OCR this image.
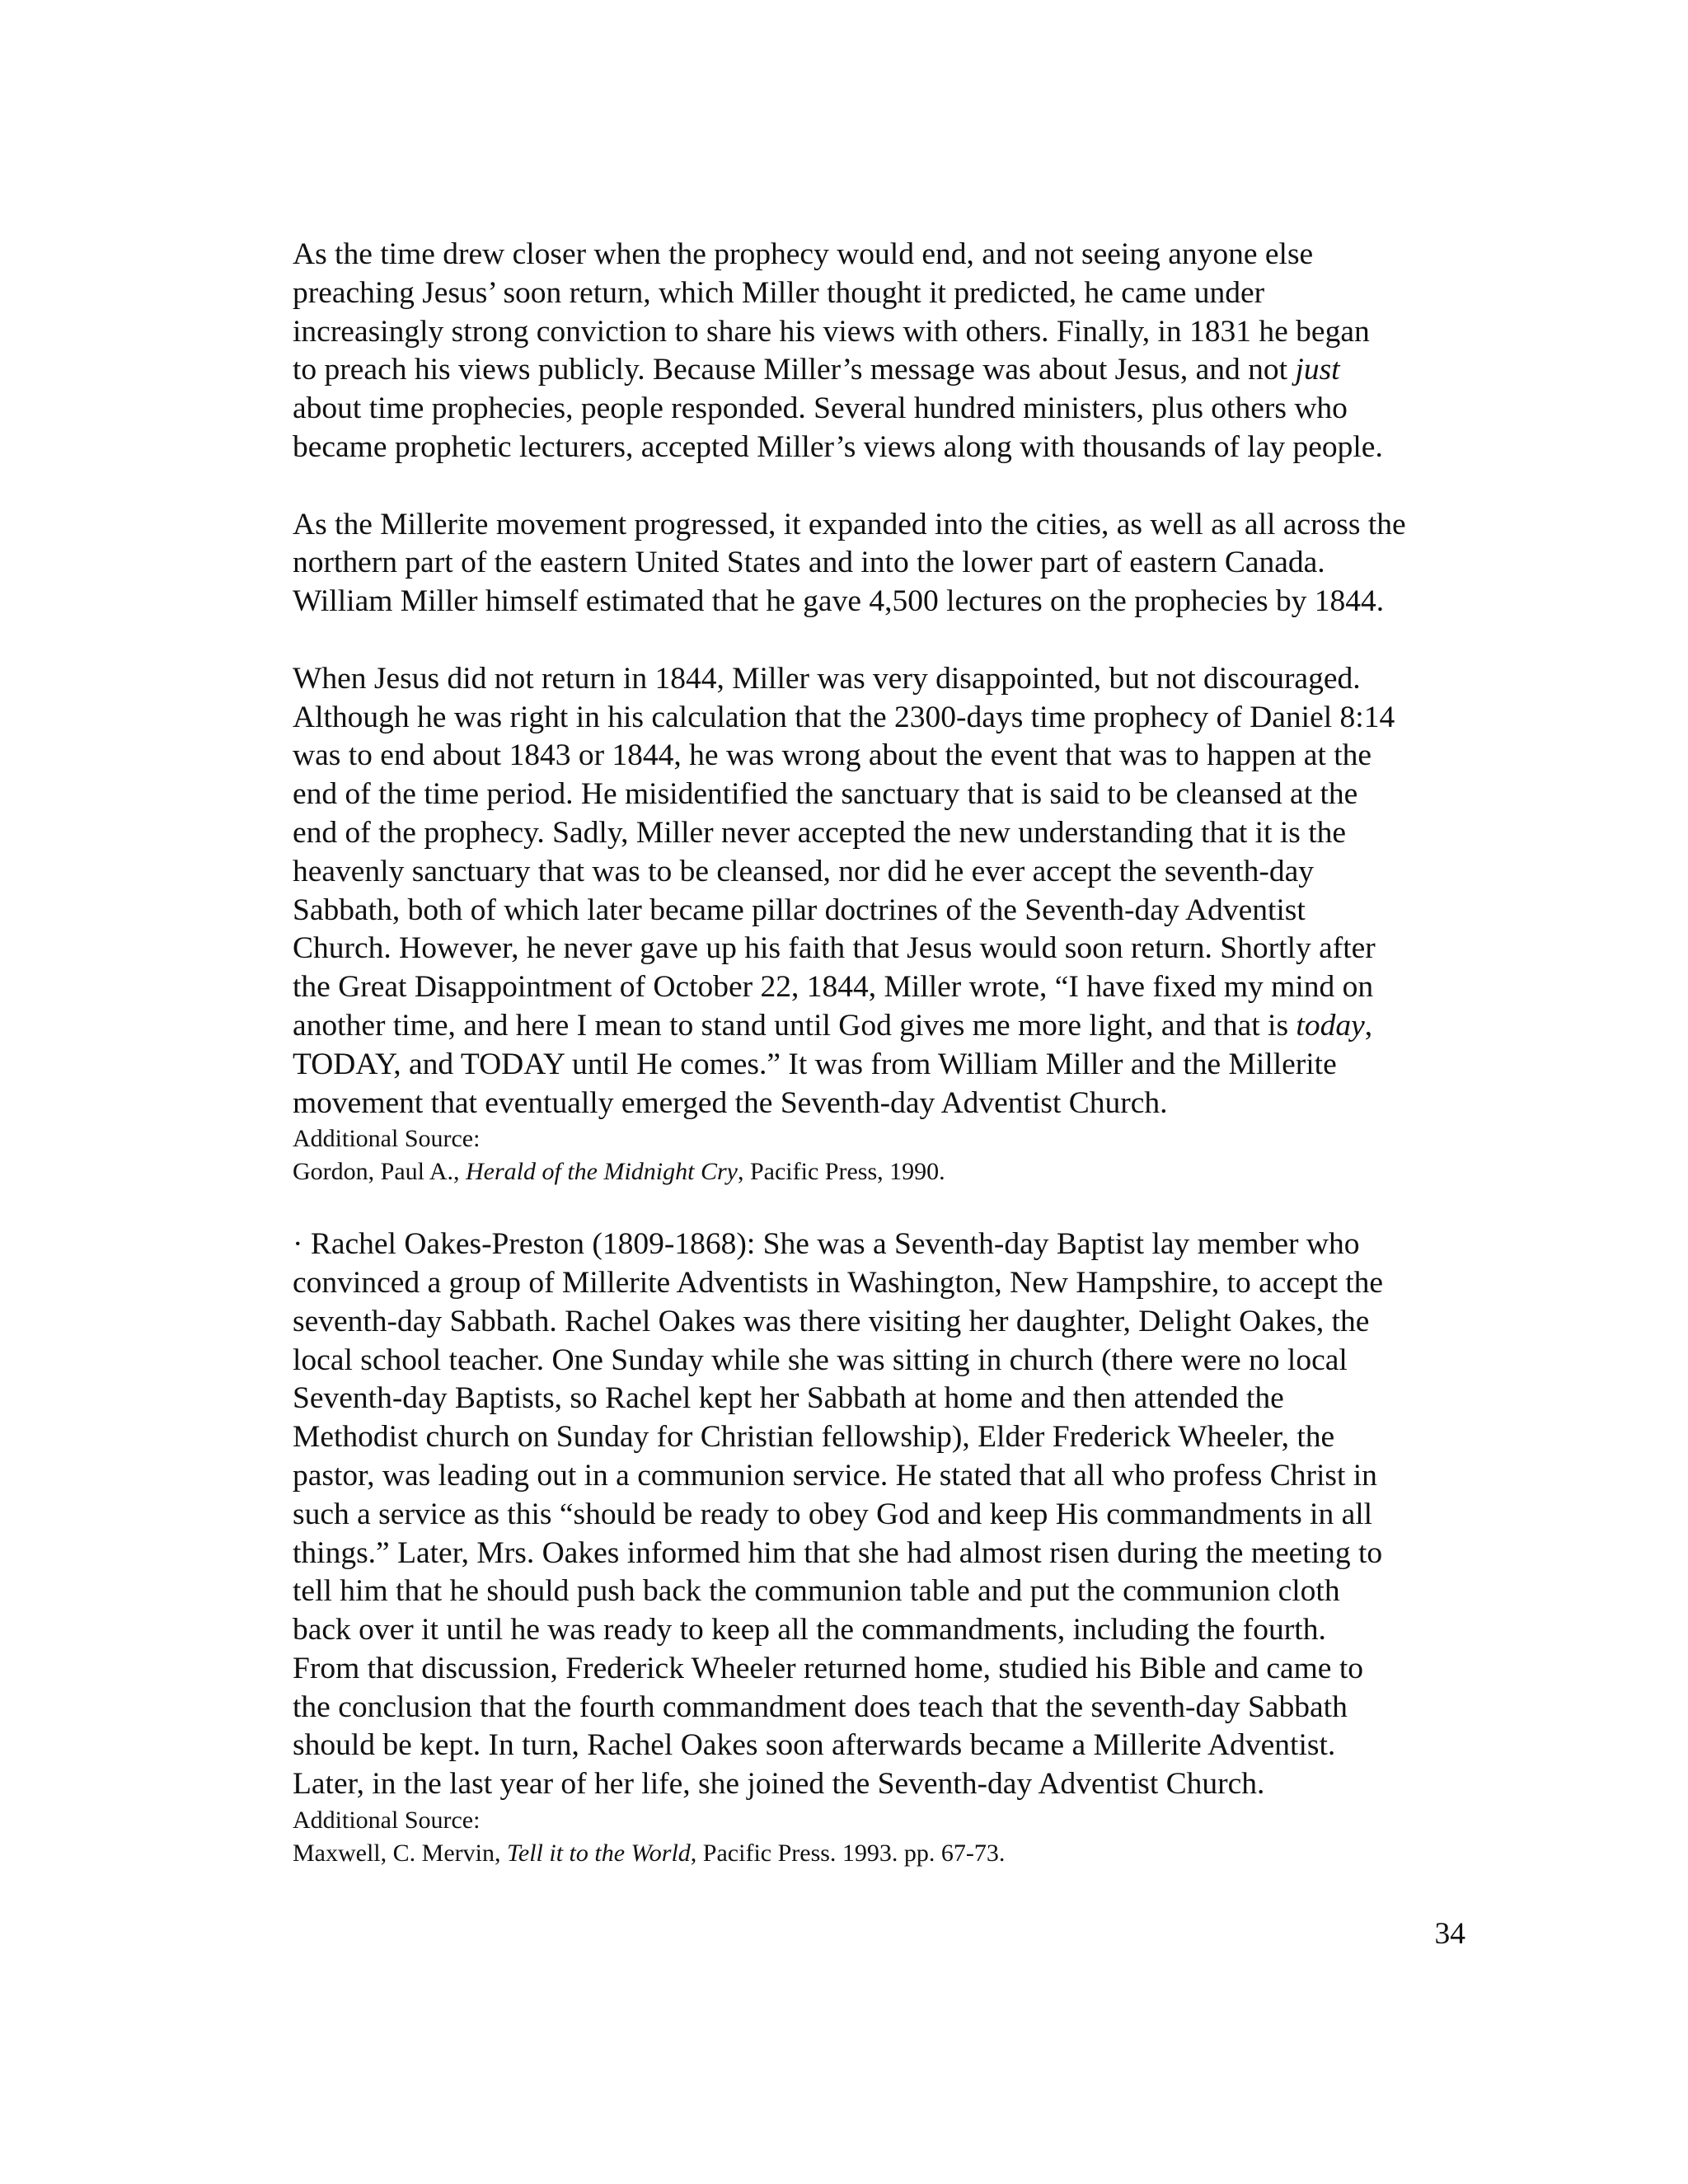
As the time drew closer when the prophecy would end, and not seeing anyone else
preaching Jesus’ soon return, which Miller thought it predicted, he came under
increasingly strong conviction to share his views with others. Finally, in 1831 he began
to preach his views publicly. Because Miller’s message was about Jesus, and not just
about time prophecies, people responded. Several hundred ministers, plus others who
became prophetic lecturers, accepted Miller’s views along with thousands of lay people.
As the Millerite movement progressed, it expanded into the cities, as well as all across the
northern part of the eastern United States and into the lower part of eastern Canada.
William Miller himself estimated that he gave 4,500 lectures on the prophecies by 1844.
When Jesus did not return in 1844, Miller was very disappointed, but not discouraged.
Although he was right in his calculation that the 2300-days time prophecy of Daniel 8:14
was to end about 1843 or 1844, he was wrong about the event that was to happen at the
end of the time period. He misidentified the sanctuary that is said to be cleansed at the
end of the prophecy. Sadly, Miller never accepted the new understanding that it is the
heavenly sanctuary that was to be cleansed, nor did he ever accept the seventh-day
Sabbath, both of which later became pillar doctrines of the Seventh-day Adventist
Church. However, he never gave up his faith that Jesus would soon return. Shortly after
the Great Disappointment of October 22, 1844, Miller wrote, “I have fixed my mind on
another time, and here I mean to stand until God gives me more light, and that is today,
TODAY, and TODAY until He comes.” It was from William Miller and the Millerite
movement that eventually emerged the Seventh-day Adventist Church.
Additional Source:
Gordon, Paul A., Herald of the Midnight Cry, Pacific Press, 1990.
· Rachel Oakes-Preston (1809-1868): She was a Seventh-day Baptist lay member who
convinced a group of Millerite Adventists in Washington, New Hampshire, to accept the
seventh-day Sabbath. Rachel Oakes was there visiting her daughter, Delight Oakes, the
local school teacher. One Sunday while she was sitting in church (there were no local
Seventh-day Baptists, so Rachel kept her Sabbath at home and then attended the
Methodist church on Sunday for Christian fellowship), Elder Frederick Wheeler, the
pastor, was leading out in a communion service. He stated that all who profess Christ in
such a service as this “should be ready to obey God and keep His commandments in all
things.” Later, Mrs. Oakes informed him that she had almost risen during the meeting to
tell him that he should push back the communion table and put the communion cloth
back over it until he was ready to keep all the commandments, including the fourth.
From that discussion, Frederick Wheeler returned home, studied his Bible and came to
the conclusion that the fourth commandment does teach that the seventh-day Sabbath
should be kept. In turn, Rachel Oakes soon afterwards became a Millerite Adventist.
Later, in the last year of her life, she joined the Seventh-day Adventist Church.
Additional Source:
Maxwell, C. Mervin, Tell it to the World, Pacific Press. 1993. pp. 67-73.
34
